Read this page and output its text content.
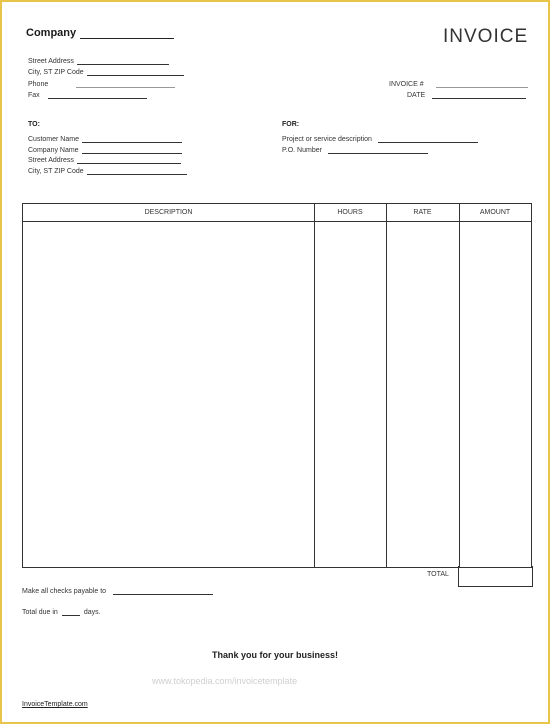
Company	INVOICE
Street Address
City, ST ZIP Code
Phone
Fax
INVOICE #
DATE
TO:
Customer Name
Company Name
Street Address
City, ST ZIP Code
FOR:
Project or service description
P.O. Number
DESCRIPTION	HOURS	RATE	AMOUNT
TOTAL
Make all checks payable to
Total due in	days.
Thank you for your business!
www.tokopedia.com/invoicetemplate
InvoiceTemplate.com
